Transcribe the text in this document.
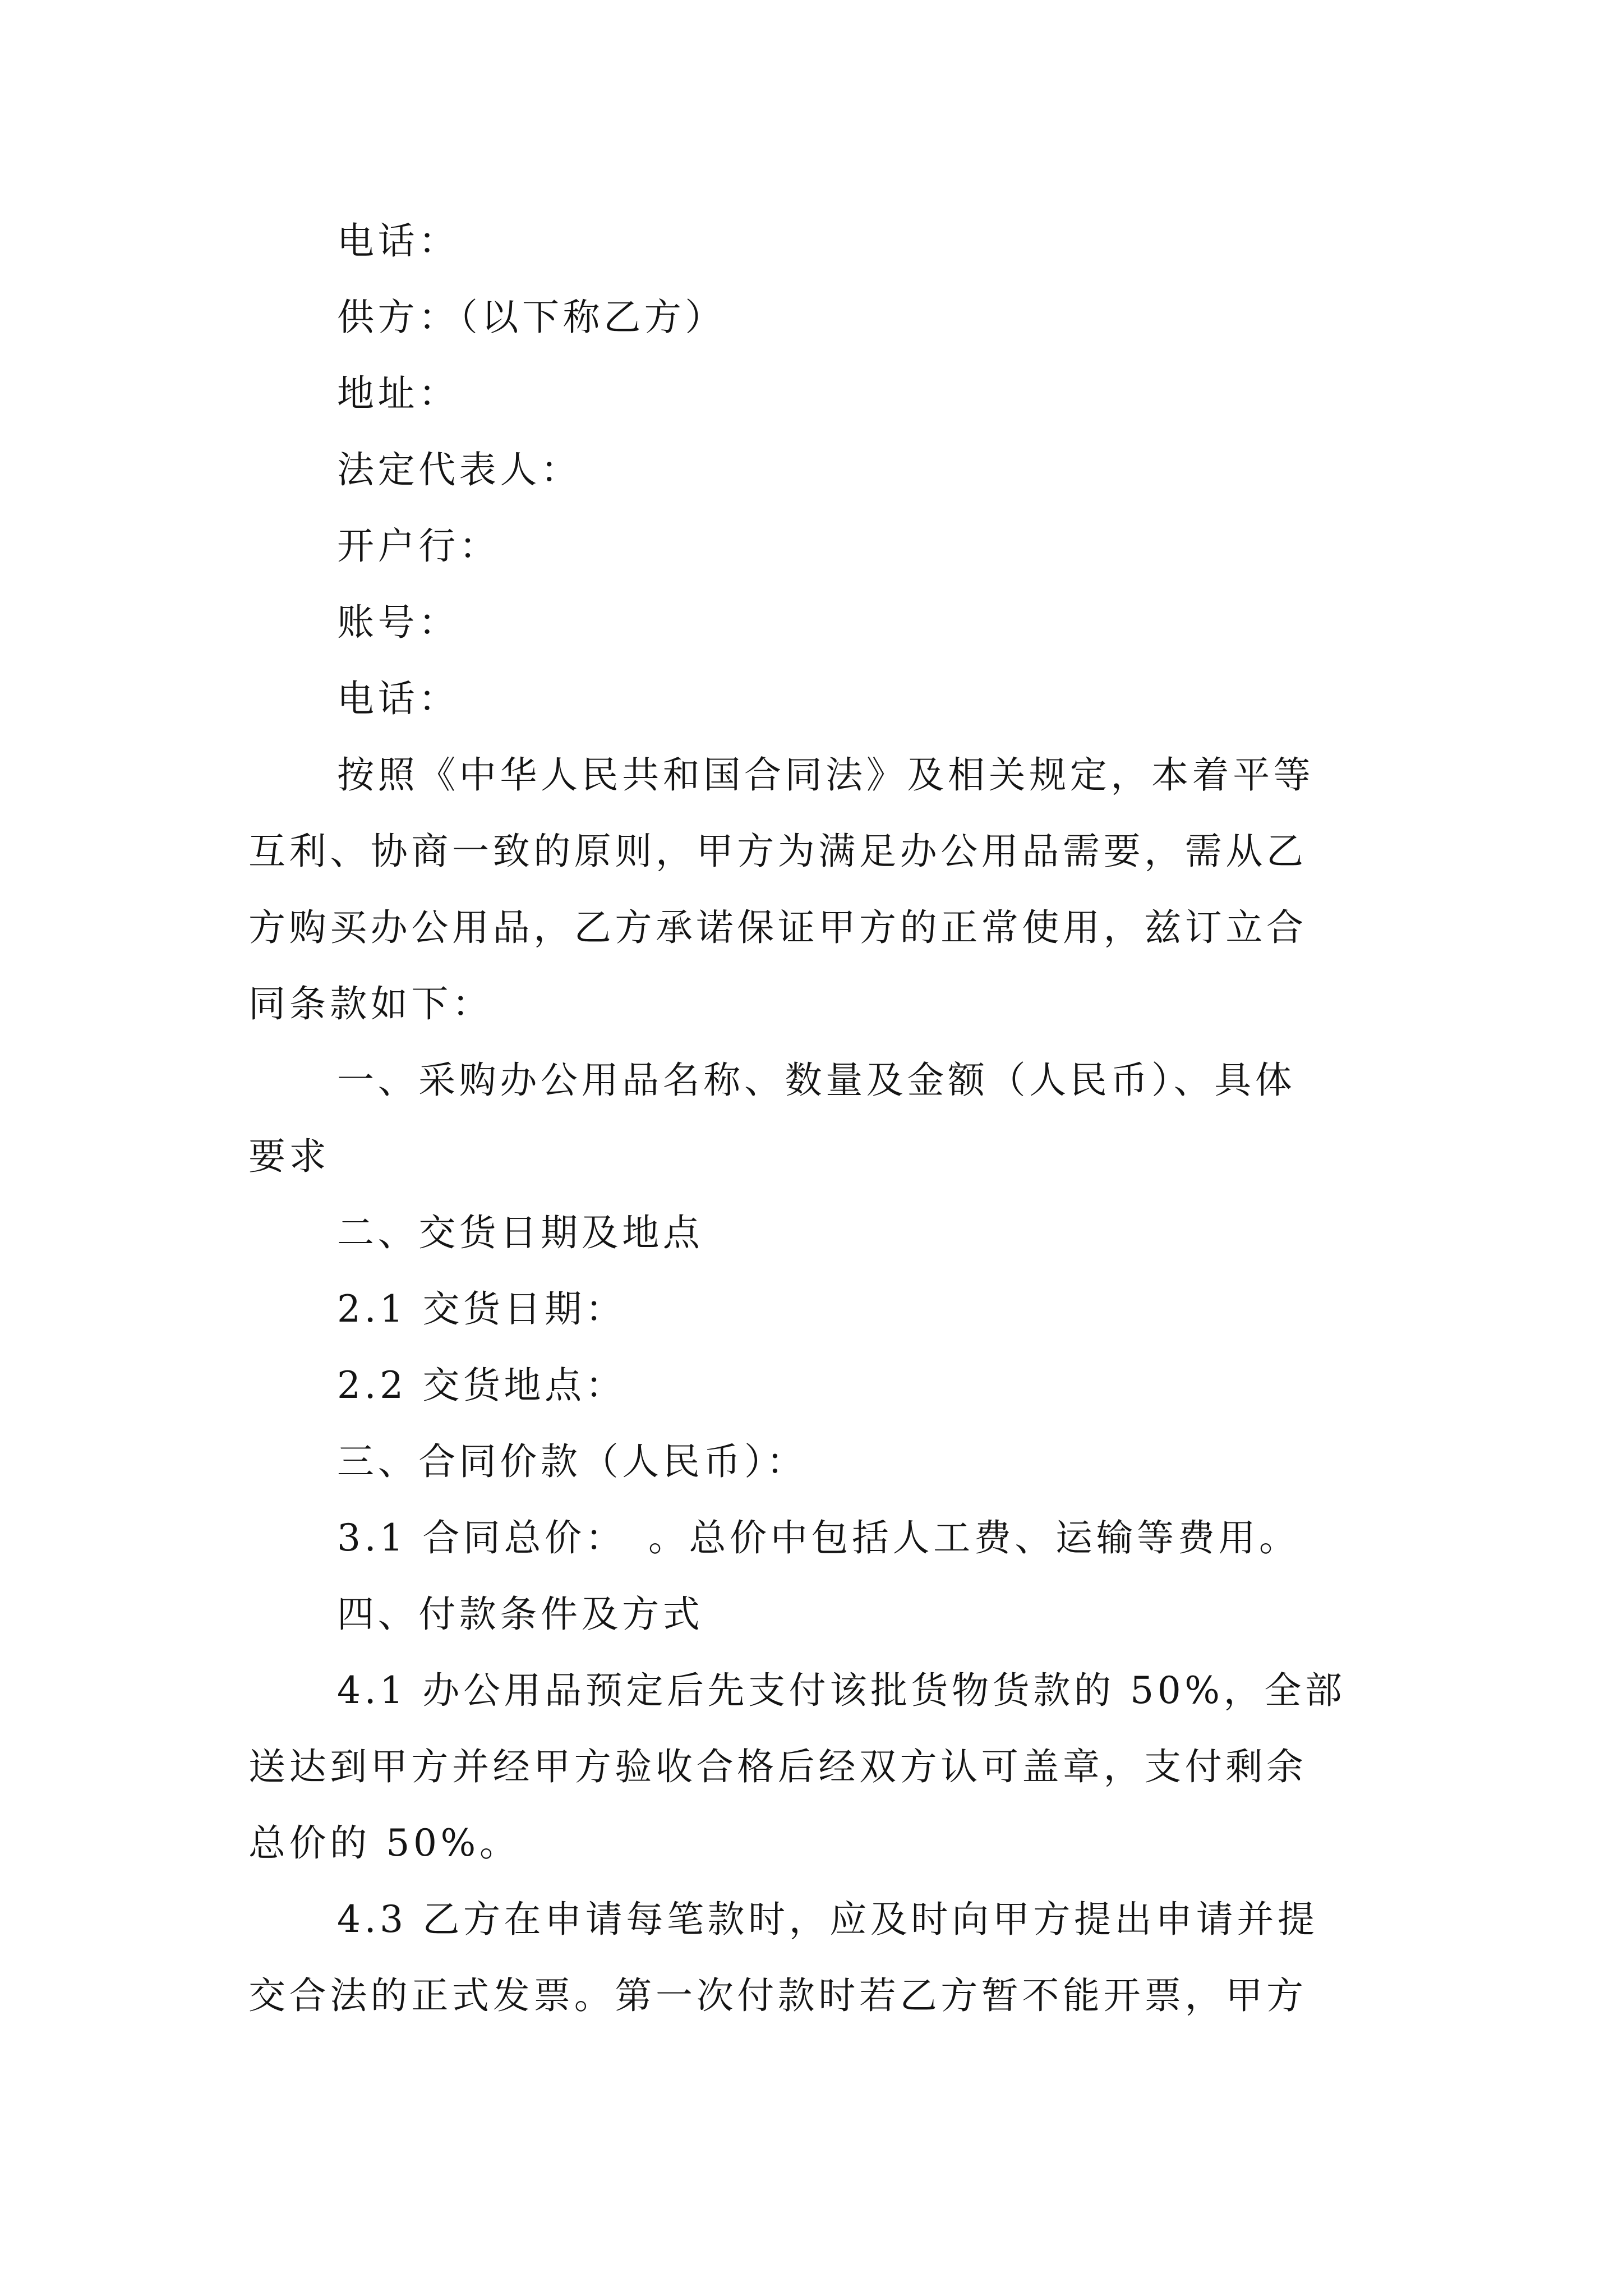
电话：
供方：（以下称乙方）
地址：
法定代表人：
开户行：
账号：
电话：
按照《中华人民共和国合同法》及相关规定，本着平等
互利、协商一致的原则，甲方为满足办公用品需要，需从乙
方购买办公用品，乙方承诺保证甲方的正常使用，兹订立合
同条款如下：
一、采购办公用品名称、数量及金额（人民币）、具体
要求
二、交货日期及地点
2.1 交货日期：
2.2 交货地点：
三、合同价款（人民币）：
3.1 合同总价：　。总价中包括人工费、运输等费用。
四、付款条件及方式
4.1 办公用品预定后先支付该批货物货款的 50%，全部
送达到甲方并经甲方验收合格后经双方认可盖章，支付剩余
总价的 50%。
4.3 乙方在申请每笔款时，应及时向甲方提出申请并提
交合法的正式发票。第一次付款时若乙方暂不能开票，甲方
